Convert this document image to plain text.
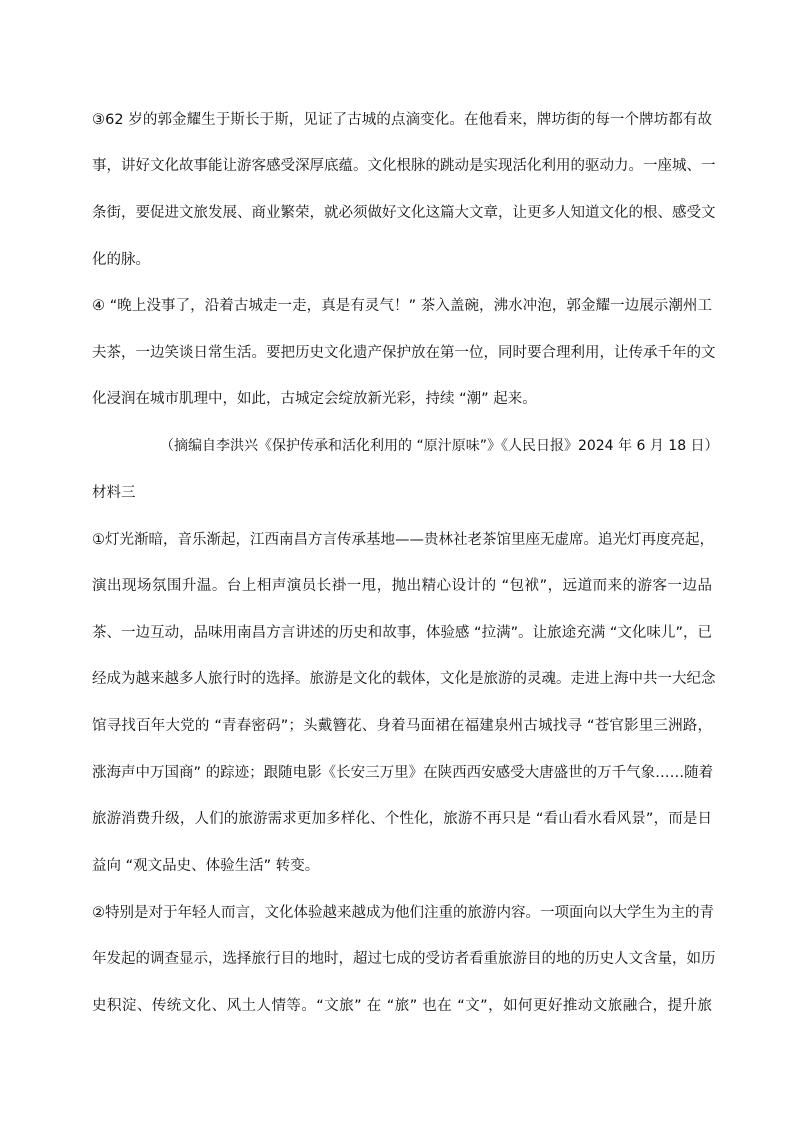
③62 岁的郭金耀生于斯长于斯，见证了古城的点滴变化。在他看来，牌坊街的每一个牌坊都有故
事，讲好文化故事能让游客感受深厚底蕴。文化根脉的跳动是实现活化利用的驱动力。一座城、一
条街，要促进文旅发展、商业繁荣，就必须做好文化这篇大文章，让更多人知道文化的根、感受文
化的脉。
④ “晚上没事了，沿着古城走一走，真是有灵气！” 茶入盖碗，沸水冲泡，郭金耀一边展示潮州工
夫茶，一边笑谈日常生活。要把历史文化遗产保护放在第一位，同时要合理利用，让传承千年的文
化浸润在城市肌理中，如此，古城定会绽放新光彩，持续 “潮” 起来。
（摘编自李洪兴《保护传承和活化利用的 “原汁原味”》《人民日报》2024 年 6 月 18 日）
材料三
①灯光渐暗，音乐渐起，江西南昌方言传承基地——贵林社老茶馆里座无虚席。追光灯再度亮起，
演出现场氛围升温。台上相声演员长褂一甩，抛出精心设计的 “包袱”，远道而来的游客一边品
茶、一边互动，品味用南昌方言讲述的历史和故事，体验感 “拉满”。让旅途充满 “文化味儿”，已
经成为越来越多人旅行时的选择。旅游是文化的载体，文化是旅游的灵魂。走进上海中共一大纪念
馆寻找百年大党的 “青春密码”；头戴簪花、身着马面裙在福建泉州古城找寻 “苍官影里三洲路，
涨海声中万国商” 的踪迹；跟随电影《长安三万里》在陕西西安感受大唐盛世的万千气象……随着
旅游消费升级，人们的旅游需求更加多样化、个性化，旅游不再只是 “看山看水看风景”，而是日
益向 “观文品史、体验生活” 转变。
②特别是对于年轻人而言，文化体验越来越成为他们注重的旅游内容。一项面向以大学生为主的青
年发起的调查显示，选择旅行目的地时，超过七成的受访者看重旅游目的地的历史人文含量，如历
史积淀、传统文化、风土人情等。“文旅” 在 “旅” 也在 “文”，如何更好推动文旅融合，提升旅
